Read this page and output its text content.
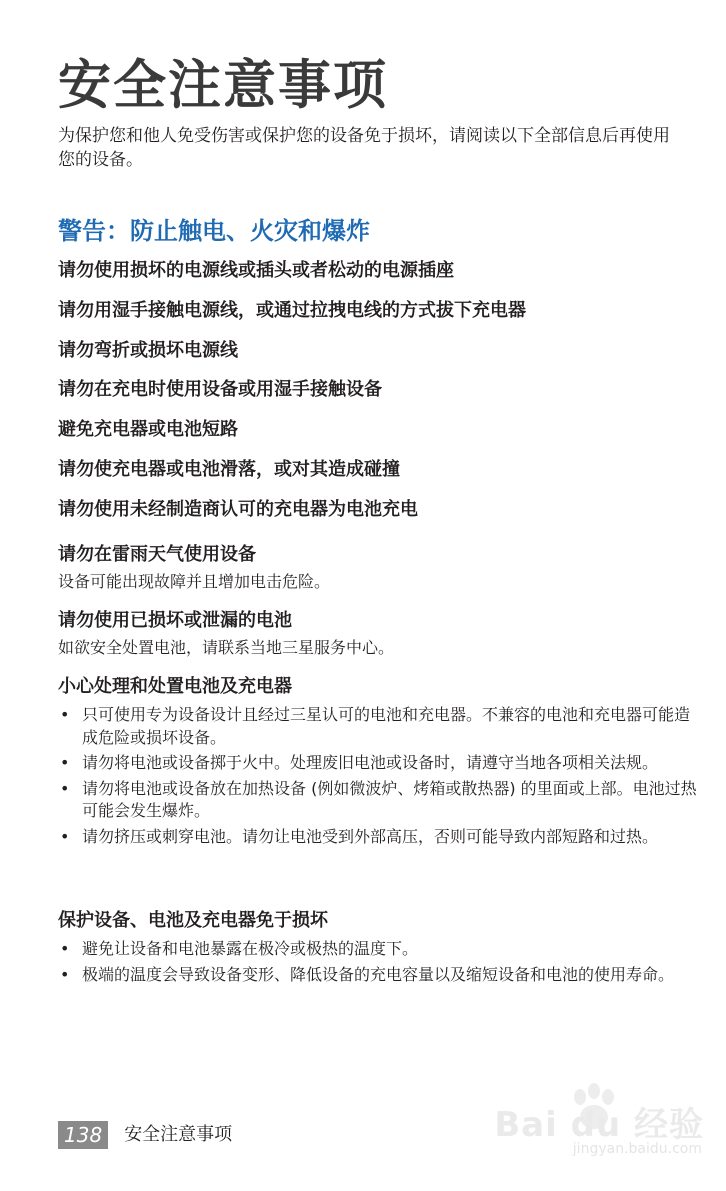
安全注意事项

为保护您和他人免受伤害或保护您的设备免于损坏，请阅读以下全部信息后再使用您的设备。

警告：防止触电、火灾和爆炸
请勿使用损坏的电源线或插头或者松动的电源插座
请勿用湿手接触电源线，或通过拉拽电线的方式拔下充电器
请勿弯折或损坏电源线
请勿在充电时使用设备或用湿手接触设备
避免充电器或电池短路
请勿使充电器或电池滑落，或对其造成碰撞
请勿使用未经制造商认可的充电器为电池充电
请勿在雷雨天气使用设备
设备可能出现故障并且增加电击危险。
请勿使用已损坏或泄漏的电池
如欲安全处置电池，请联系当地三星服务中心。
小心处理和处置电池及充电器
• 只可使用专为设备设计且经过三星认可的电池和充电器。不兼容的电池和充电器可能造成危险或损坏设备。
• 请勿将电池或设备掷于火中。处理废旧电池或设备时，请遵守当地各项相关法规。
• 请勿将电池或设备放在加热设备 (例如微波炉、烤箱或散热器) 的里面或上部。电池过热可能会发生爆炸。
• 请勿挤压或刺穿电池。请勿让电池受到外部高压，否则可能导致内部短路和过热。
保护设备、电池及充电器免于损坏
• 避免让设备和电池暴露在极冷或极热的温度下。
• 极端的温度会导致设备变形、降低设备的充电容量以及缩短设备和电池的使用寿命。
138	安全注意事项	Bai du 经验
jingyan.baidu.com
